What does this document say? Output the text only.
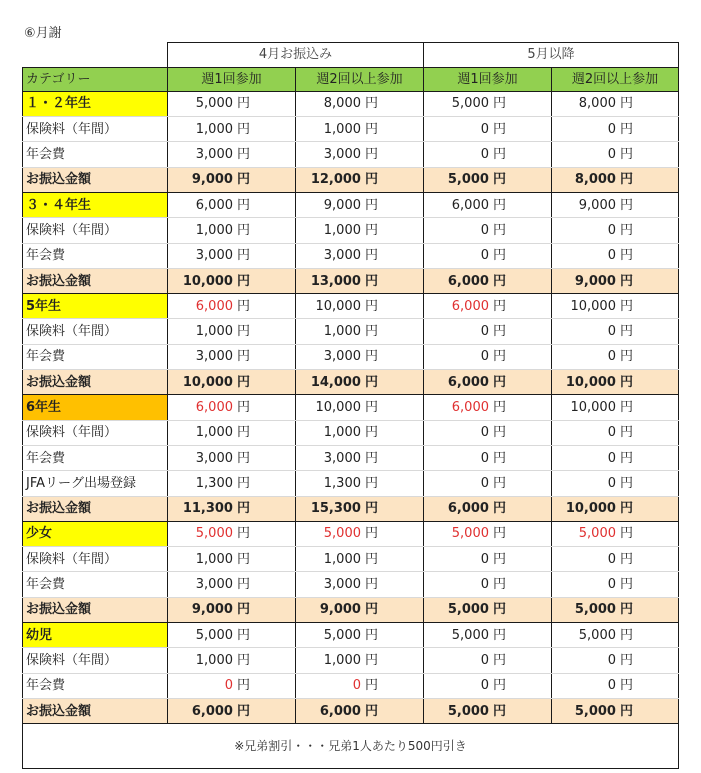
⑥月謝
	4月お振込み		5月以降	
カテゴリー	週1回参加	週2回以上参加	週1回参加	週2回以上参加
１・２年生	5,000 円	8,000 円	5,000 円	8,000 円
保険料（年間）	1,000 円	1,000 円	0 円	0 円
年会費	3,000 円	3,000 円	0 円	0 円
お振込金額	9,000 円	12,000 円	5,000 円	8,000 円
３・４年生	6,000 円	9,000 円	6,000 円	9,000 円
保険料（年間）	1,000 円	1,000 円	0 円	0 円
年会費	3,000 円	3,000 円	0 円	0 円
お振込金額	10,000 円	13,000 円	6,000 円	9,000 円
5年生	6,000 円	10,000 円	6,000 円	10,000 円
保険料（年間）	1,000 円	1,000 円	0 円	0 円
年会費	3,000 円	3,000 円	0 円	0 円
お振込金額	10,000 円	14,000 円	6,000 円	10,000 円
6年生	6,000 円	10,000 円	6,000 円	10,000 円
保険料（年間）	1,000 円	1,000 円	0 円	0 円
年会費	3,000 円	3,000 円	0 円	0 円
JFAリーグ出場登録	1,300 円	1,300 円	0 円	0 円
お振込金額	11,300 円	15,300 円	6,000 円	10,000 円
少女	5,000 円	5,000 円	5,000 円	5,000 円
保険料（年間）	1,000 円	1,000 円	0 円	0 円
年会費	3,000 円	3,000 円	0 円	0 円
お振込金額	9,000 円	9,000 円	5,000 円	5,000 円
幼児	5,000 円	5,000 円	5,000 円	5,000 円
保険料（年間）	1,000 円	1,000 円	0 円	0 円
年会費	0 円	0 円	0 円	0 円
お振込金額	6,000 円	6,000 円	5,000 円	5,000 円
※兄弟割引・・・兄弟1人あたり500円引き				
